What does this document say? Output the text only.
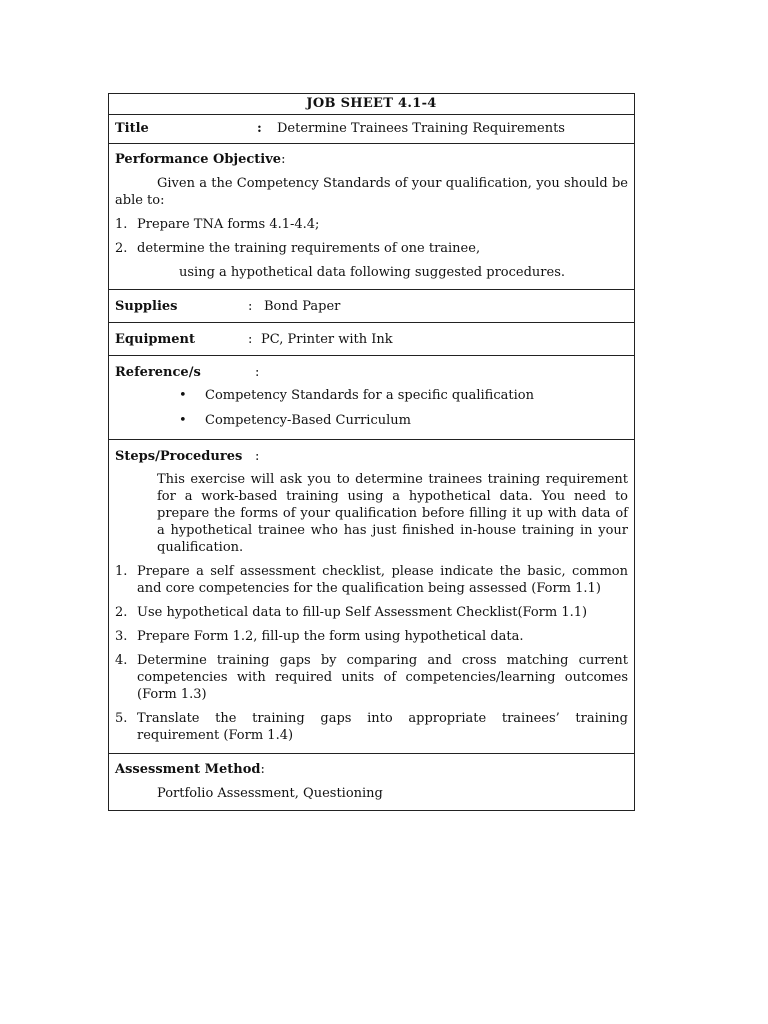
JOB SHEET 4.1-4
Title	:	Determine Trainees Training Requirements
Performance Objective:
Given a the Competency Standards of your qualification, you should be able to:
1. Prepare TNA forms 4.1-4.4;
2. determine the training requirements of one trainee,
using a hypothetical data following suggested procedures.
Supplies	: Bond Paper
Equipment	: PC, Printer with Ink
Reference/s	:
•	Competency Standards for a specific qualification
•	Competency-Based Curriculum
Steps/Procedures :
This exercise will ask you to determine trainees training requirement for a work-based training using a hypothetical data. You need to prepare the forms of your qualification before filling it up with data of a hypothetical trainee who has just finished in-house training in your qualification.
1. Prepare a self assessment checklist, please indicate the basic, common and core competencies for the qualification being assessed (Form 1.1)
2. Use hypothetical data to fill-up Self Assessment Checklist(Form 1.1)
3. Prepare Form 1.2, fill-up the form using hypothetical data.
4. Determine training gaps by comparing and cross matching current competencies with required units of competencies/learning outcomes (Form 1.3)
5. Translate the training gaps into appropriate trainees’ training requirement (Form 1.4)
Assessment Method:
Portfolio Assessment, Questioning
